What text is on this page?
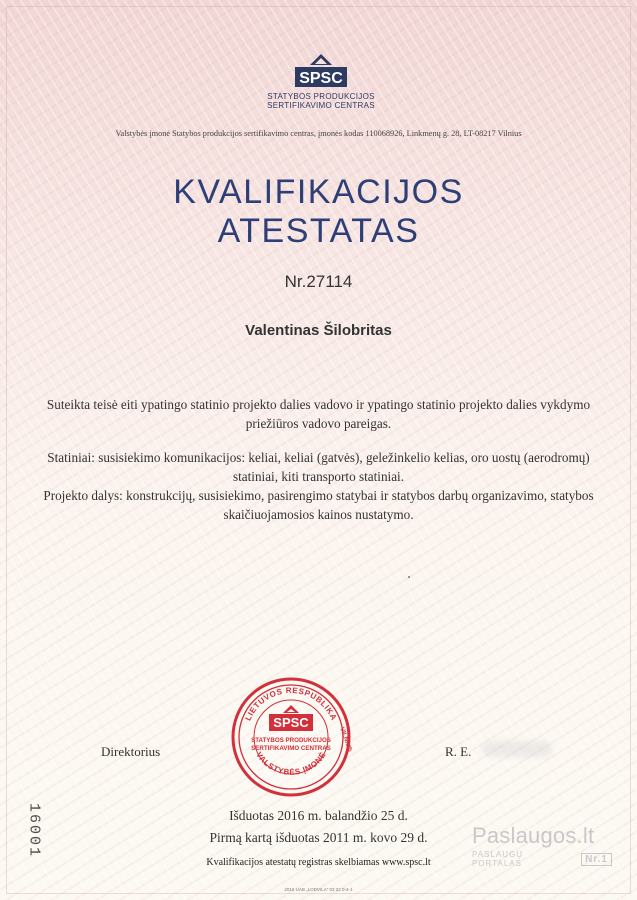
SPSC
STATYBOS PRODUKCIJOS
SERTIFIKAVIMO CENTRAS
Valstybės įmonė Statybos produkcijos sertifikavimo centras, įmonės kodas 110068926, Linkmenų g. 28, LT-08217 Vilnius
KVALIFIKACIJOS
ATESTATAS
Nr.27114
Valentinas Šilobritas
Suteikta teisė eiti ypatingo statinio projekto dalies vadovo ir ypatingo statinio projekto dalies vykdymo priežiūros vadovo pareigas.
Statiniai: susisiekimo komunikacijos: keliai, keliai (gatvės), geležinkelio kelias, oro uostų (aerodromų) statiniai, kiti transporto statiniai.
Projekto dalys: konstrukcijų, susisiekimo, pasirengimo statybai ir statybos darbų organizavimo, statybos skaičiuojamosios kainos nustatymo.
Direktorius	R. E.
LIETUVOS RESPUBLIKA
VALSTYBĖS ĮMONĖ
VILNIUS
SPSC
STATYBOS PRODUKCIJOS
SERTIFIKAVIMO CENTRAS
Išduotas 2016 m. balandžio 25 d.
Pirmą kartą išduotas 2011 m. kovo 29 d.
Kvalifikacijos atestatų registras skelbiamas www.spsc.lt
2016 UAB „LODVILA" 03 22 0-4-1
16001	Paslaugos.lt
PASLAUGŲ PORTALAS	Nr.1
